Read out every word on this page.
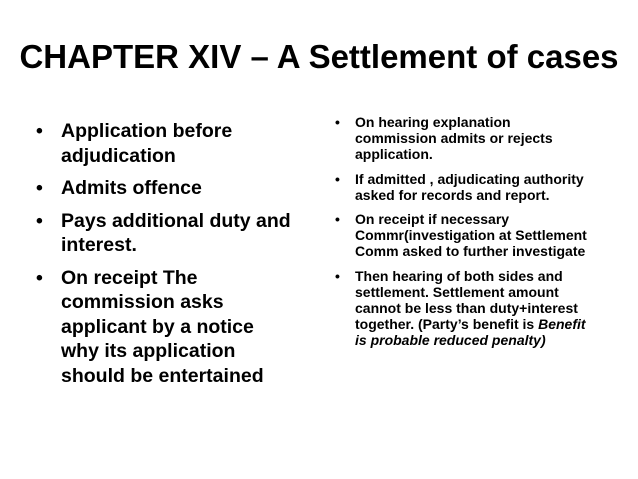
CHAPTER XIV – A Settlement of cases
• Application before adjudication
• Admits offence
• Pays additional duty and interest.
• On receipt The commission asks applicant by a notice why its application should be entertained
• On hearing explanation commission admits or rejects application.
• If admitted , adjudicating authority asked for records and report.
• On receipt if necessary Commr(investigation at Settlement Comm asked to further investigate
• Then hearing of both sides and settlement. Settlement amount cannot be less than duty+interest together. (Party’s benefit is Benefit is probable reduced penalty)
